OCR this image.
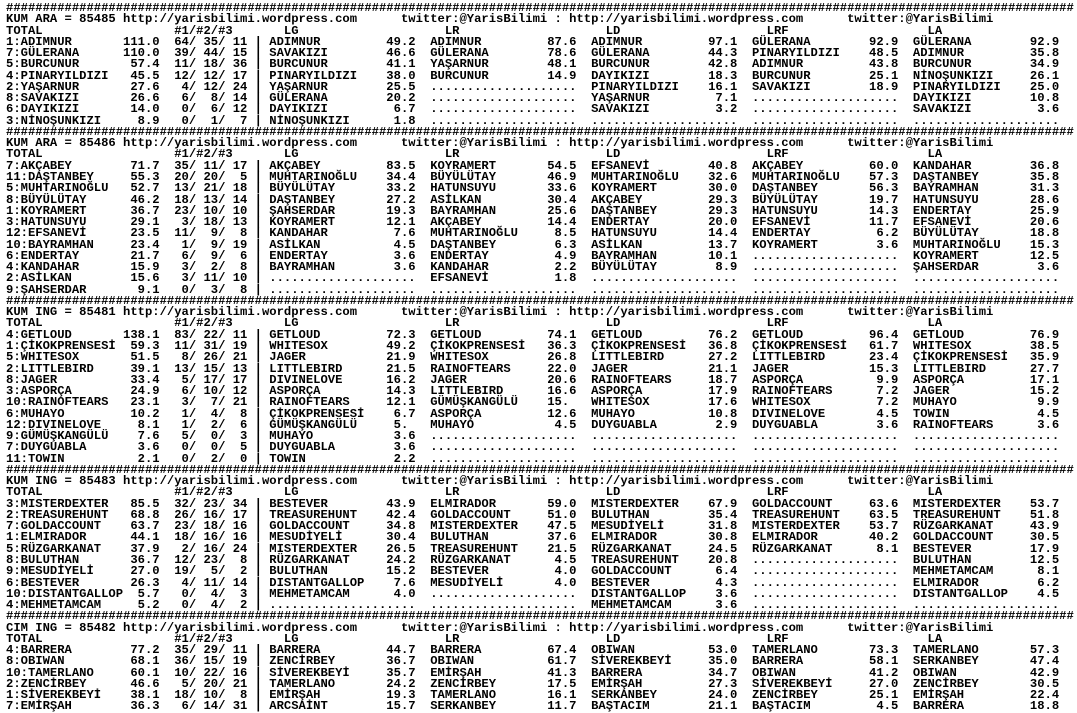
##################################################################################################################################################
KUM ARA = 85485 http://yarisbilimi.wordpress.com      twitter:@YarisBilimi : http://yarisbilimi.wordpress.com      twitter:@YarisBilimi
TOTAL                  #1/#2/#3       LG                    LR                    LD                    LRF                   LA
1:ADIMNUR       111.0  64/ 35/ 11 | ADIMNUR         49.2  ADIMNUR         87.6  ADIMNUR         97.1  GÜLERANA        92.9  GÜLERANA        92.9
7:GÜLERANA      110.0  39/ 44/ 15 | SAVAKIZI        46.6  GÜLERANA        78.6  GÜLERANA        44.3  PINARYILDIZI    48.5  ADIMNUR         35.8
5:BURCUNUR       57.4  11/ 18/ 36 | BURCUNUR        41.1  YAŞARNUR        48.1  BURCUNUR        42.8  ADIMNUR         43.8  BURCUNUR        34.9
4:PINARYILDIZI   45.5  12/ 12/ 17 | PINARYILDIZI    38.0  BURCUNUR        14.9  DAYIKIZI        18.3  BURCUNUR        25.1  NİNOŞUNKIZI     26.1
2:YAŞARNUR       27.6   4/ 12/ 24 | YAŞARNUR        25.5  ....................  PINARYILDIZI    16.1  SAVAKIZI        18.9  PINARYILDIZI    25.0
8:SAVAKIZI       26.6   6/  8/ 14 | GÜLERANA        20.2  ....................  YAŞARNUR         7.1  ....................  DAYIKIZI        10.8
6:DAYIKIZI       14.0   0/  6/ 12 | DAYIKIZI         6.7  ....................  SAVAKIZI         3.2  ....................  SAVAKIZI         3.6
3:NİNOŞUNKIZI     8.9   0/  1/  7 | NİNOŞUNKIZI      1.8  ....................  ....................  ....................  ....................
##################################################################################################################################################
KUM ARA = 85486 http://yarisbilimi.wordpress.com      twitter:@YarisBilimi : http://yarisbilimi.wordpress.com      twitter:@YarisBilimi
TOTAL                  #1/#2/#3       LG                    LR                    LD                    LRF                   LA
7:AKÇABEY        71.7  35/ 11/ 17 | AKÇABEY         83.5  KOYRAMERT       54.5  EFSANEVİ        40.8  AKÇABEY         60.0  KANDAHAR        36.8
11:DAŞTANBEY     55.3  20/ 20/  5 | MUHTARINOĞLU    34.4  BÜYÜLÜTAY       46.9  MUHTARINOĞLU    32.6  MUHTARINOĞLU    57.3  DAŞTANBEY       35.8
5:MUHTARINOĞLU   52.7  13/ 21/ 18 | BÜYÜLÜTAY       33.2  HATUNSUYU       33.6  KOYRAMERT       30.0  DAŞTANBEY       56.3  BAYRAMHAN       31.3
8:BÜYÜLÜTAY      46.2  18/ 13/ 14 | DAŞTANBEY       27.2  ASİLKAN         30.4  AKÇABEY         29.3  BÜYÜLÜTAY       19.7  HATUNSUYU       28.6
1:KOYRAMERT      36.7  23/ 10/ 10 | ŞAHSERDAR       19.3  BAYRAMHAN       25.6  DAŞTANBEY       29.3  HATUNSUYU       14.3  ENDERTAY        25.9
3:HATUNSUYU      29.1   3/ 18/ 13 | KOYRAMERT       12.1  AKÇABEY         14.4  ENDERTAY        20.0  EFSANEVİ        11.7  EFSANEVİ        20.6
12:EFSANEVİ      23.5  11/  9/  8 | KANDAHAR         7.6  MUHTARINOĞLU     8.5  HATUNSUYU       14.4  ENDERTAY         6.2  BÜYÜLÜTAY       18.8
10:BAYRAMHAN     23.4   1/  9/ 19 | ASİLKAN          4.5  DAŞTANBEY        6.3  ASİLKAN         13.7  KOYRAMERT        3.6  MUHTARINOĞLU    15.3
6:ENDERTAY       21.7   6/  9/  6 | ENDERTAY         3.6  ENDERTAY         4.9  BAYRAMHAN       10.1  ....................  KOYRAMERT       12.5
4:KANDAHAR       15.9   3/  2/  8 | BAYRAMHAN        3.6  KANDAHAR         2.2  BÜYÜLÜTAY        8.9  ....................  ŞAHSERDAR        3.6
2:ASİLKAN        15.6   3/ 11/ 10 | ....................  EFSANEVİ         1.8  ....................  ....................  ....................
9:ŞAHSERDAR       9.1   0/  3/  8 | ....................  ....................  ....................  ....................  ....................
##################################################################################################################################################
KUM ING = 85481 http://yarisbilimi.wordpress.com      twitter:@YarisBilimi : http://yarisbilimi.wordpress.com      twitter:@YarisBilimi
TOTAL                  #1/#2/#3       LG                    LR                    LD                    LRF                   LA
4:GETLOUD       138.1  83/ 22/ 11 | GETLOUD         72.3  GETLOUD         74.1  GETLOUD         76.2  GETLOUD         96.4  GETLOUD         76.9
1:ÇİKOKPRENSESİ  59.3  11/ 31/ 19 | WHITESOX        49.2  ÇİKOKPRENSESİ   36.3  ÇİKOKPRENSESİ   36.8  ÇİKOKPRENSESİ   61.7  WHITESOX        38.5
5:WHITESOX       51.5   8/ 26/ 21 | JAGER           21.9  WHITESOX        26.8  LITTLEBIRD      27.2  LITTLEBIRD      23.4  ÇİKOKPRENSESİ   35.9
2:LITTLEBIRD     39.1  13/ 15/ 13 | LITTLEBIRD      21.5  RAINOFTEARS     22.0  JAGER           21.1  JAGER           15.3  LITTLEBIRD      27.7
8:JAGER          33.4   5/ 17/ 17 | DIVINELOVE      16.2  JAGER           20.6  RAINOFTEARS     18.7  ASPORÇA          9.9  ASPORÇA         17.1
3:ASPORÇA        24.9   6/ 10/ 12 | ASPORÇA         14.3  LITTLEBIRD      16.6  ASPORÇA         17.9  RAINOFTEARS      7.2  JAGER           15.2
10:RAINOFTEARS   23.1   3/  7/ 21 | RAINOFTEARS     12.1  GÜMÜŞKANGÜLÜ    15.   WHITESOX        17.6  WHITESOX         7.2  MUHAYO           9.9
6:MUHAYO         10.2   1/  4/  8 | ÇİKOKPRENSESİ    6.7  ASPORÇA         12.6  MUHAYO          10.8  DIVINELOVE       4.5  TOWIN            4.5
12:DIVINELOVE     8.1   1/  2/  6 | GÜMÜŞKANGÜLÜ     5.   MUHAYO           4.5  DUYGUABLA        2.9  DUYGUABLA        3.6  RAINOFTEARS      3.6
9:GÜMÜŞKANGÜLÜ    7.6   5/  0/  3 | MUHAYO           3.6  ....................  ....................  ....................  ....................
7:DUYGUABLA       3.6   0/  0/  5 | DUYGUABLA        3.6  ....................  ....................  ....................  ....................
11:TOWIN          2.1   0/  2/  0 | TOWIN            2.2  ....................  ....................  ....................  ....................
##################################################################################################################################################
KUM ING = 85483 http://yarisbilimi.wordpress.com      twitter:@YarisBilimi : http://yarisbilimi.wordpress.com      twitter:@YarisBilimi
TOTAL                  #1/#2/#3       LG                    LR                    LD                    LRF                   LA
3:MISTERDEXTER   85.5  32/ 23/ 34 | BESTEVER        43.9  ELMIRADOR       59.0  MISTERDEXTER    67.9  GOLDACCOUNT     63.6  MISTERDEXTER    53.7
2:TREASUREHUNT   68.8  26/ 16/ 17 | TREASUREHUNT    42.4  GOLDACCOUNT     51.0  BULUTHAN        35.4  TREASUREHUNT    63.5  TREASUREHUNT    51.8
7:GOLDACCOUNT    63.7  23/ 18/ 16 | GOLDACCOUNT     34.8  MISTERDEXTER    47.5  MESUDİYELİ      31.8  MISTERDEXTER    53.7  RÜZGARKANAT     43.9
1:ELMIRADOR      44.1  18/ 16/ 16 | MESUDİYELİ      30.4  BULUTHAN        37.6  ELMIRADOR       30.8  ELMIRADOR       40.2  GOLDACCOUNT     30.5
5:RÜZGARKANAT    37.9   2/ 16/ 24 | MISTERDEXTER    26.5  TREASUREHUNT    21.5  RÜZGARKANAT     24.5  RÜZGARKANAT      8.1  BESTEVER        17.9
8:BULUTHAN       36.7  12/ 23/  8 | RÜZGARKANAT     24.2  RÜZGARKANAT      4.5  TREASUREHUNT    20.8  ....................  BULUTHAN        12.5
9:MESUDİYELİ     27.0  19/  5/  2 | BULUTHAN        15.2  BESTEVER         4.0  GOLDACCOUNT      6.4  ....................  MEHMETAMCAM      8.1
6:BESTEVER       26.3   4/ 11/ 14 | DISTANTGALLOP    7.6  MESUDİYELİ       4.0  BESTEVER         4.3  ....................  ELMIRADOR        6.2
10:DISTANTGALLOP  5.7   0/  4/  3 | MEHMETAMCAM      4.0  ....................  DISTANTGALLOP    3.6  ....................  DISTANTGALLOP    4.5
4:MEHMETAMCAM     5.2   0/  4/  2 | ....................  ....................  MEHMETAMCAM      3.6  ....................  ....................
##################################################################################################################################################
CIM ING = 85482 http://yarisbilimi.wordpress.com      twitter:@YarisBilimi : http://yarisbilimi.wordpress.com      twitter:@YarisBilimi
TOTAL                  #1/#2/#3       LG                    LR                    LD                    LRF                   LA
4:BARRERA        77.2  35/ 29/ 11 | BARRERA         44.7  BARRERA         67.4  OBIWAN          53.0  TAMERLANO       73.3  TAMERLANO       57.3
8:OBIWAN         68.1  36/ 15/ 19 | ZENCİRBEY       36.7  OBIWAN          61.7  SİVEREKBEYİ     35.0  BARRERA         58.1  SERKANBEY       47.4
10:TAMERLANO     60.1  10/ 22/ 16 | SİVEREKBEYİ     35.7  EMİRŞAH         41.3  BARRERA         34.7  OBIWAN          41.2  OBIWAN          42.9
2:ZENCİRBEY      46.6   5/ 20/ 21 | TAMERLANO       24.2  ZENCİRBEY       17.5  EMİRŞAH         27.3  SİVEREKBEYİ     27.0  ZENCİRBEY       30.5
1:SİVEREKBEYİ    38.1  18/ 10/  8 | EMİRŞAH         19.3  TAMERLANO       16.1  SERKANBEY       24.0  ZENCİRBEY       25.1  EMİRŞAH         22.4
7:EMİRŞAH        36.3   6/ 14/ 31 | ARCSAİNT        15.7  SERKANBEY       11.7  BAŞTACIM        21.1  BAŞTACIM         4.5  BARRERA         18.8
